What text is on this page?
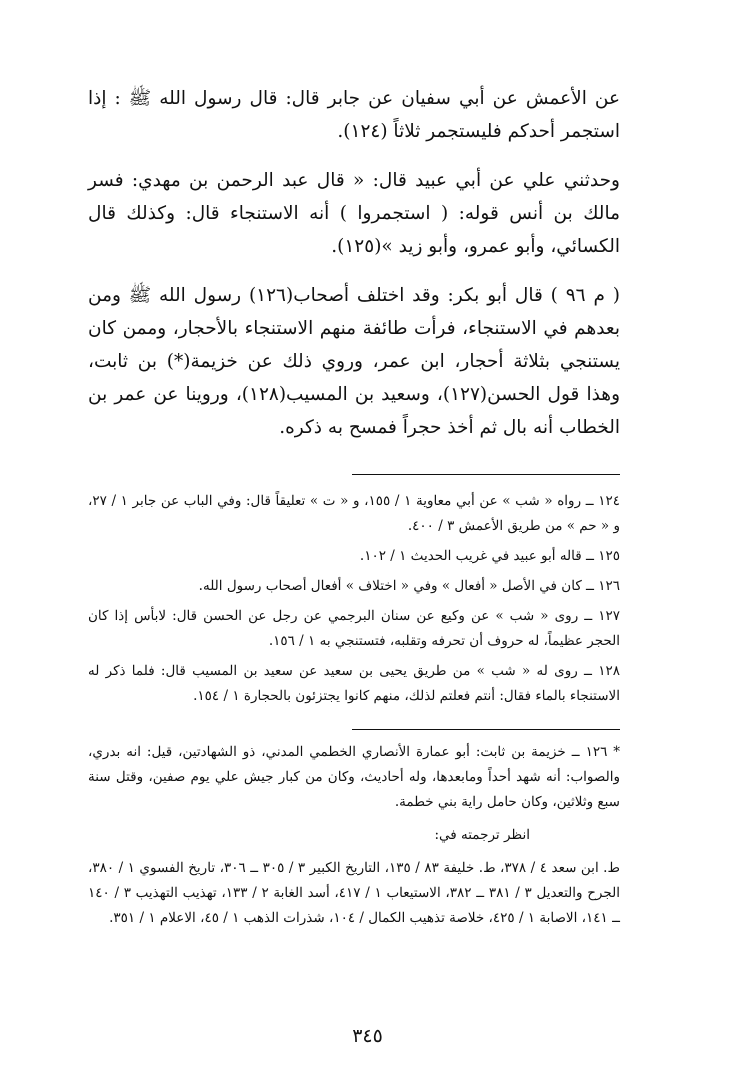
عن الأعمش عن أبي سفيان عن جابر قال: قال رسول الله ﷺ : إذا استجمر أحدكم فليستجمر ثلاثاً (١٢٤).

وحدثني علي عن أبي عبيد قال: « قال عبد الرحمن بن مهدي: فسر مالك بن أنس قوله: ( استجمروا ) أنه الاستنجاء قال: وكذلك قال الكسائي، وأبو عمرو، وأبو زيد »(١٢٥).

( م ٩٦ ) قال أبو بكر: وقد اختلف أصحاب(١٢٦) رسول الله ﷺ ومن بعدهم في الاستنجاء، فرأت طائفة منهم الاستنجاء بالأحجار، وممن كان يستنجي بثلاثة أحجار، ابن عمر، وروي ذلك عن خزيمة(*) بن ثابت، وهذا قول الحسن(١٢٧)، وسعيد بن المسيب(١٢٨)، وروينا عن عمر بن الخطاب أنه بال ثم أخذ حجراً فمسح به ذكره.

١٢٤ ــ رواه « شب » عن أبي معاوية ١ / ١٥٥، و « ت » تعليقاً قال: وفي الباب عن جابر ١ / ٢٧، و « حم » من طريق الأعمش ٣ / ٤٠٠.

١٢٥ ــ قاله أبو عبيد في غريب الحديث ١ / ١٠٢.

١٢٦ ــ كان في الأصل « أفعال » وفي « اختلاف » أفعال أصحاب رسول الله.

١٢٧ ــ روى « شب » عن وكيع عن سنان البرجمي عن رجل عن الحسن قال: لابأس إذا كان الحجر عظيماً، له حروف أن تحرفه وتقلبه، فتستنجي به ١ / ١٥٦.

١٢٨ ــ روى له « شب » من طريق يحيى بن سعيد عن سعيد بن المسيب قال: فلما ذكر له الاستنجاء بالماء فقال: أنتم فعلتم لذلك، منهم كانوا يجتزئون بالحجارة ١ / ١٥٤.

* ١٢٦ ــ خزيمة بن ثابت: أبو عمارة الأنصاري الخطمي المدني، ذو الشهادتين، قيل: انه بدري، والصواب: أنه شهد أحداً ومابعدها، وله أحاديث، وكان من كبار جيش علي يوم صفين، وقتل سنة سبع وثلاثين، وكان حامل راية بني خطمة.

انظر ترجمته في:

ط. ابن سعد ٤ / ٣٧٨، ط. خليفة ٨٣ / ١٣٥، التاريخ الكبير ٣ / ٣٠٥ ــ ٣٠٦، تاريخ الفسوي ١ / ٣٨٠، الجرح والتعديل ٣ / ٣٨١ ــ ٣٨٢، الاستيعاب ١ / ٤١٧، أسد الغابة ٢ / ١٣٣، تهذيب التهذيب ٣ / ١٤٠ ــ ١٤١، الاصابة ١ / ٤٢٥، خلاصة تذهيب الكمال / ١٠٤، شذرات الذهب ١ / ٤٥، الاعلام ١ / ٣٥١.

٣٤٥
